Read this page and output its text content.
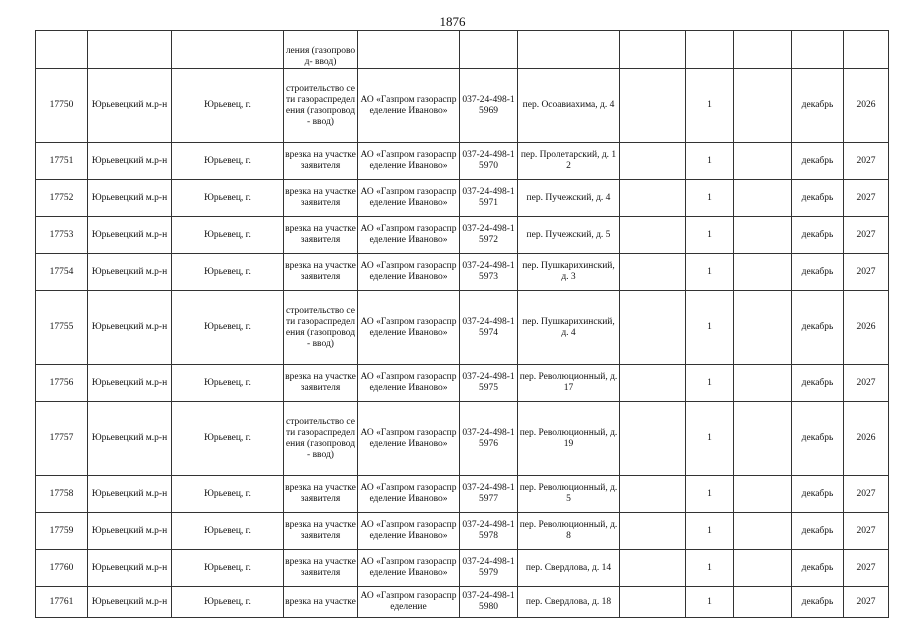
1876
			ления (газопровод- ввод)								
17750	Юрьевецкий м.р-н	Юрьевец, г.	строительство сети газораспределения (газопровод- ввод)	АО «Газпром газораспределение Иваново»	037-24-498-15969	пер. Осоавиахима, д. 4		1		декабрь	2026
17751	Юрьевецкий м.р-н	Юрьевец, г.	врезка на участке заявителя	АО «Газпром газораспределение Иваново»	037-24-498-15970	пер. Пролетарский, д. 12		1		декабрь	2027
17752	Юрьевецкий м.р-н	Юрьевец, г.	врезка на участке заявителя	АО «Газпром газораспределение Иваново»	037-24-498-15971	пер. Пучежский, д. 4		1		декабрь	2027
17753	Юрьевецкий м.р-н	Юрьевец, г.	врезка на участке заявителя	АО «Газпром газораспределение Иваново»	037-24-498-15972	пер. Пучежский, д. 5		1		декабрь	2027
17754	Юрьевецкий м.р-н	Юрьевец, г.	врезка на участке заявителя	АО «Газпром газораспределение Иваново»	037-24-498-15973	пер. Пушкарихинский, д. 3		1		декабрь	2027
17755	Юрьевецкий м.р-н	Юрьевец, г.	строительство сети газораспределения (газопровод- ввод)	АО «Газпром газораспределение Иваново»	037-24-498-15974	пер. Пушкарихинский, д. 4		1		декабрь	2026
17756	Юрьевецкий м.р-н	Юрьевец, г.	врезка на участке заявителя	АО «Газпром газораспределение Иваново»	037-24-498-15975	пер. Революционный, д. 17		1		декабрь	2027
17757	Юрьевецкий м.р-н	Юрьевец, г.	строительство сети газораспределения (газопровод- ввод)	АО «Газпром газораспределение Иваново»	037-24-498-15976	пер. Революционный, д. 19		1		декабрь	2026
17758	Юрьевецкий м.р-н	Юрьевец, г.	врезка на участке заявителя	АО «Газпром газораспределение Иваново»	037-24-498-15977	пер. Революционный, д. 5		1		декабрь	2027
17759	Юрьевецкий м.р-н	Юрьевец, г.	врезка на участке заявителя	АО «Газпром газораспределение Иваново»	037-24-498-15978	пер. Революционный, д. 8		1		декабрь	2027
17760	Юрьевецкий м.р-н	Юрьевец, г.	врезка на участке заявителя	АО «Газпром газораспределение Иваново»	037-24-498-15979	пер. Свердлова, д. 14		1		декабрь	2027
17761	Юрьевецкий м.р-н	Юрьевец, г.	врезка на участке	АО «Газпром газораспределение	037-24-498-15980	пер. Свердлова, д. 18		1		декабрь	2027
